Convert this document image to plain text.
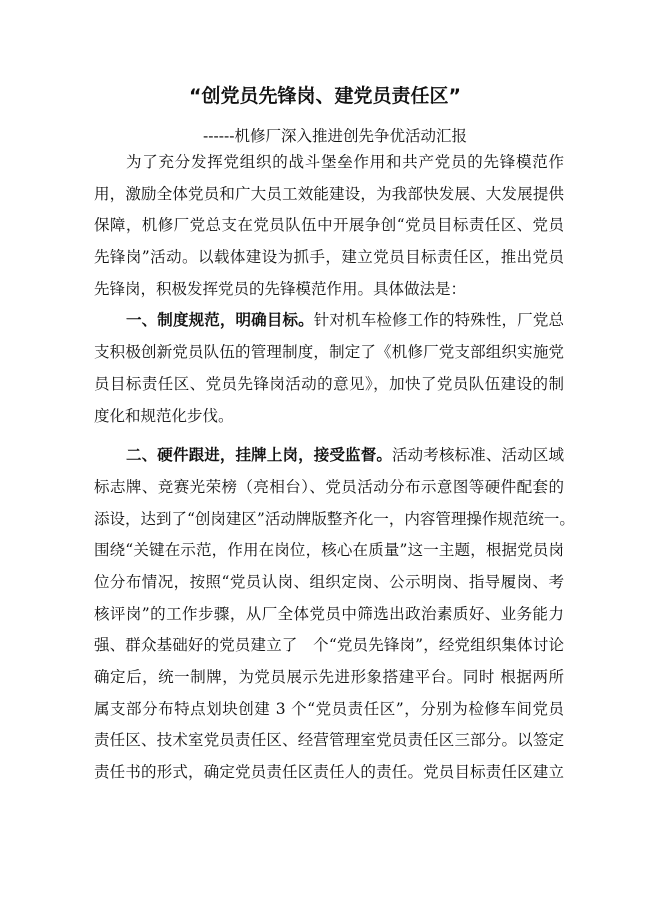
“创党员先锋岗、建党员责任区”
------机修厂深入推进创先争优活动汇报
为了充分发挥党组织的战斗堡垒作用和共产党员的先锋模范作
用，激励全体党员和广大员工效能建设，为我部快发展、大发展提供
保障，机修厂党总支在党员队伍中开展争创“党员目标责任区、党员
先锋岗”活动。以载体建设为抓手，建立党员目标责任区，推出党员
先锋岗，积极发挥党员的先锋模范作用。具体做法是：
一、制度规范，明确目标。针对机车检修工作的特殊性，厂党总
支积极创新党员队伍的管理制度，制定了《机修厂党支部组织实施党
员目标责任区、党员先锋岗活动的意见》，加快了党员队伍建设的制
度化和规范化步伐。
二、硬件跟进，挂牌上岗，接受监督。活动考核标准、活动区域
标志牌、竞赛光荣榜（亮相台）、党员活动分布示意图等硬件配套的
添设，达到了“创岗建区”活动牌版整齐化一，内容管理操作规范统一。
围绕“关键在示范，作用在岗位，核心在质量”这一主题，根据党员岗
位分布情况，按照“党员认岗、组织定岗、公示明岗、指导履岗、考
核评岗”的工作步骤，从厂全体党员中筛选出政治素质好、业务能力
强、群众基础好的党员建立了　个“党员先锋岗”，经党组织集体讨论
确定后，统一制牌，为党员展示先进形象搭建平台。同时 根据两所
属支部分布特点划块创建 3 个“党员责任区”，分别为检修车间党员
责任区、技术室党员责任区、经营管理室党员责任区三部分。以签定
责任书的形式，确定党员责任区责任人的责任。党员目标责任区建立
